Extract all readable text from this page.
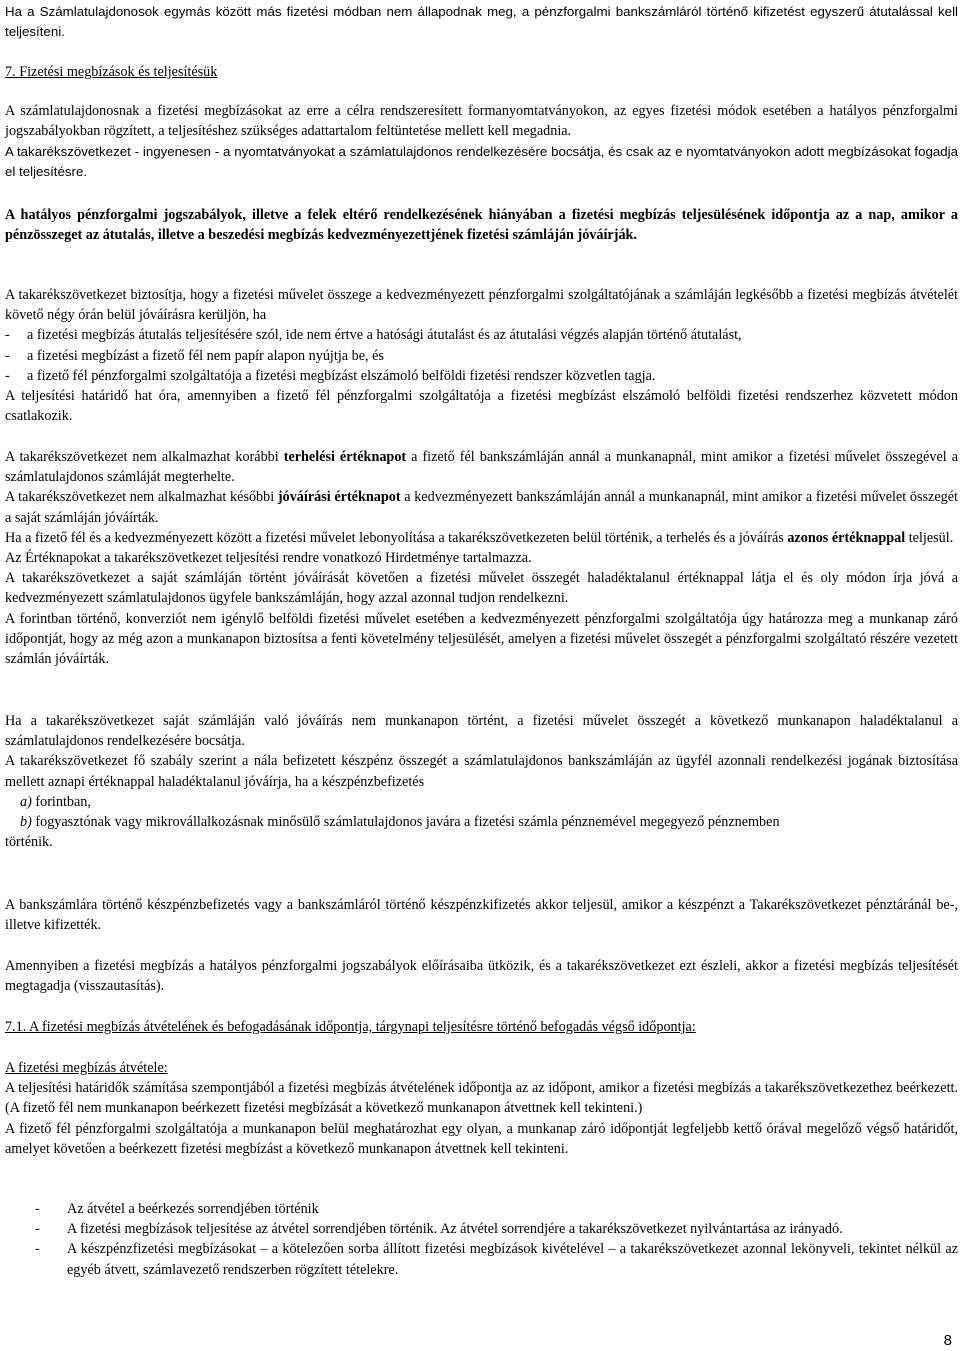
Ha a Számlatulajdonosok egymás között más fizetési módban nem állapodnak meg, a pénzforgalmi bankszámláról történő kifizetést egyszerű átutalással kell teljesíteni.

7. Fizetési megbízások és teljesítésük

A számlatulajdonosnak a fizetési megbízásokat az erre a célra rendszeresített formanyomtatványokon, az egyes fizetési módok esetében a hatályos pénzforgalmi jogszabályokban rögzített, a teljesítéshez szükséges adattartalom feltüntetése mellett kell megadnia.

A takarékszövetkezet - ingyenesen - a nyomtatványokat a számlatulajdonos rendelkezésére bocsátja, és csak az e nyomtatványokon adott megbízásokat fogadja el teljesítésre.

A hatályos pénzforgalmi jogszabályok, illetve a felek eltérő rendelkezésének hiányában a fizetési megbízás teljesülésének időpontja az a nap, amikor a pénzösszeget az átutalás, illetve a beszedési megbízás kedvezményezettjének fizetési számláján jóváírják.

A takarékszövetkezet biztosítja, hogy a fizetési művelet összege a kedvezményezett pénzforgalmi szolgáltatójának a számláján legkésőbb a fizetési megbízás átvételét követő négy órán belül jóváírásra kerüljön, ha

-	a fizetési megbízás átutalás teljesítésére szól, ide nem értve a hatósági átutalást és az átutalási végzés alapján történő átutalást,
-	a fizetési megbízást a fizető fél nem papír alapon nyújtja be, és
-	a fizető fél pénzforgalmi szolgáltatója a fizetési megbízást elszámoló belföldi fizetési rendszer közvetlen tagja.

A teljesítési határidő hat óra, amennyiben a fizető fél pénzforgalmi szolgáltatója a fizetési megbízást elszámoló belföldi fizetési rendszerhez közvetett módon csatlakozik.

A takarékszövetkezet nem alkalmazhat korábbi terhelési értéknapot a fizető fél bankszámláján annál a munkanapnál, mint amikor a fizetési művelet összegével a számlatulajdonos számláját megterhelte.

A takarékszövetkezet nem alkalmazhat későbbi jóváírási értéknapot a kedvezményezett bankszámláján annál a munkanapnál, mint amikor a fizetési művelet összegét a saját számláján jóváírták.

Ha a fizető fél és a kedvezményezett között a fizetési művelet lebonyolítása a takarékszövetkezeten belül történik, a terhelés és a jóváírás azonos értéknappal teljesül.

Az Értéknapokat a takarékszövetkezet teljesítési rendre vonatkozó Hirdetménye tartalmazza.

A takarékszövetkezet a saját számláján történt jóváírását követően a fizetési művelet összegét haladéktalanul értéknappal látja el és oly módon írja jóvá a kedvezményezett számlatulajdonos ügyfele bankszámláján, hogy azzal azonnal tudjon rendelkezni.

A forintban történő, konverziót nem igénylő belföldi fizetési művelet esetében a kedvezményezett pénzforgalmi szolgáltatója úgy határozza meg a munkanap záró időpontját, hogy az még azon a munkanapon biztosítsa a fenti követelmény teljesülését, amelyen a fizetési művelet összegét a pénzforgalmi szolgáltató részére vezetett számlán jóváírták.

Ha a takarékszövetkezet saját számláján való jóváírás nem munkanapon történt, a fizetési művelet összegét a következő munkanapon haladéktalanul a számlatulajdonos rendelkezésére bocsátja.

A takarékszövetkezet fő szabály szerint a nála befizetett készpénz összegét a számlatulajdonos bankszámláján az ügyfél azonnali rendelkezési jogának biztosítása mellett aznapi értéknappal haladéktalanul jóváírja, ha a készpénzbefizetés

a) forintban,

b) fogyasztónak vagy mikrovállalkozásnak minősülő számlatulajdonos javára a fizetési számla pénznemével megegyező pénznemben

történik.

A bankszámlára történő készpénzbefizetés vagy a bankszámláról történő készpénzkifizetés akkor teljesül, amikor a készpénzt a Takarékszövetkezet pénztáránál be-, illetve kifizették.

Amennyiben a fizetési megbízás a hatályos pénzforgalmi jogszabályok előírásaiba ütközik, és a takarékszövetkezet ezt észleli, akkor a fizetési megbízás teljesítését megtagadja (visszautasítás).

7.1. A fizetési megbízás átvételének és befogadásának időpontja, tárgynapi teljesítésre történő befogadás végső időpontja:

A fizetési megbízás átvétele:

A teljesítési határidők számítása szempontjából a fizetési megbízás átvételének időpontja az az időpont, amikor a fizetési megbízás a takarékszövetkezethez beérkezett. (A fizető fél nem munkanapon beérkezett fizetési megbízását a következő munkanapon átvettnek kell tekinteni.)

A fizető fél pénzforgalmi szolgáltatója a munkanapon belül meghatározhat egy olyan, a munkanap záró időpontját legfeljebb kettő órával megelőző végső határidőt, amelyet követően a beérkezett fizetési megbízást a következő munkanapon átvettnek kell tekinteni.

-	Az átvétel a beérkezés sorrendjében történik
-	A fizetési megbízások teljesítése az átvétel sorrendjében történik. Az átvétel sorrendjére a takarékszövetkezet nyilvántartása az irányadó.
-	A készpénzfizetési megbízásokat – a kötelezően sorba állított fizetési megbízások kivételével – a takarékszövetkezet azonnal lekönyveli, tekintet nélkül az egyéb átvett, számlavezető rendszerben rögzített tételekre.
8
